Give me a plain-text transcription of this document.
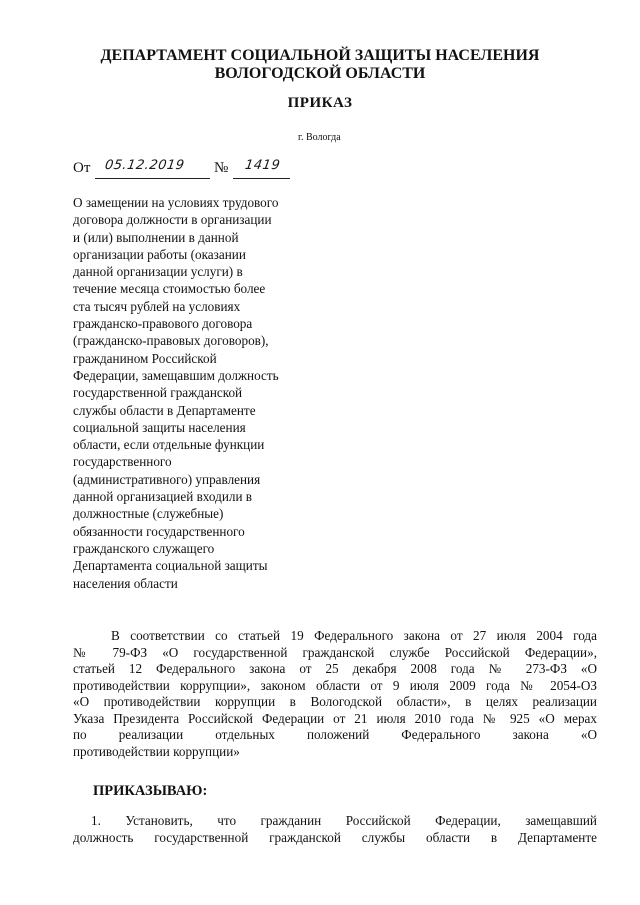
ДЕПАРТАМЕНТ СОЦИАЛЬНОЙ ЗАЩИТЫ НАСЕЛЕНИЯ
ВОЛОГОДСКОЙ ОБЛАСТИ
ПРИКАЗ
г. Вологда
От 05.12.2019 № 1419
О замещении на условиях трудового
договора должности в организации
и (или) выполнении в данной
организации работы (оказании
данной организации услуги) в
течение месяца стоимостью более
ста тысяч рублей на условиях
гражданско-правового договора
(гражданско-правовых договоров),
гражданином Российской
Федерации, замещавшим должность
государственной гражданской
службы области в Департаменте
социальной защиты населения
области, если отдельные функции
государственного
(административного) управления
данной организацией входили в
должностные (служебные)
обязанности государственного
гражданского служащего
Департамента социальной защиты
населения области
В соответствии со статьей 19 Федерального закона от 27 июля 2004 года
№ 79-ФЗ «О государственной гражданской службе Российской Федерации»,
статьей 12 Федерального закона от 25 декабря 2008 года № 273-ФЗ «О
противодействии коррупции», законом области от 9 июля 2009 года № 2054-ОЗ
«О противодействии коррупции в Вологодской области», в целях реализации
Указа Президента Российской Федерации от 21 июля 2010 года № 925 «О мерах
по реализации отдельных положений Федерального закона «О
противодействии коррупции»
ПРИКАЗЫВАЮ:
1. Установить, что гражданин Российской Федерации, замещавший
должность государственной гражданской службы области в Департаменте
